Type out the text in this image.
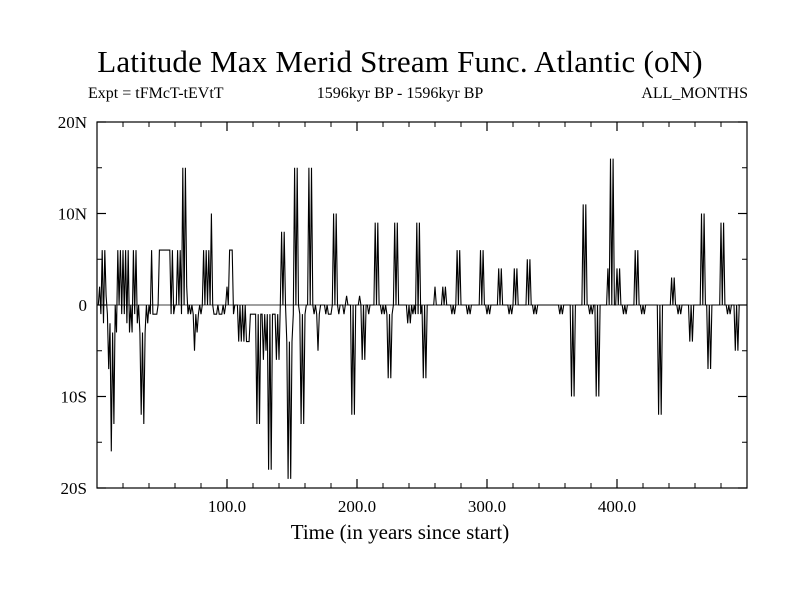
Latitude Max Merid Stream Func. Atlantic (oN)
Expt = tFMcT-tEVtT	1596kyr BP - 1596kyr BP	ALL_MONTHS
20S
10S
0
10N
20N
100.0	200.0	300.0	400.0
Time (in years since start)
